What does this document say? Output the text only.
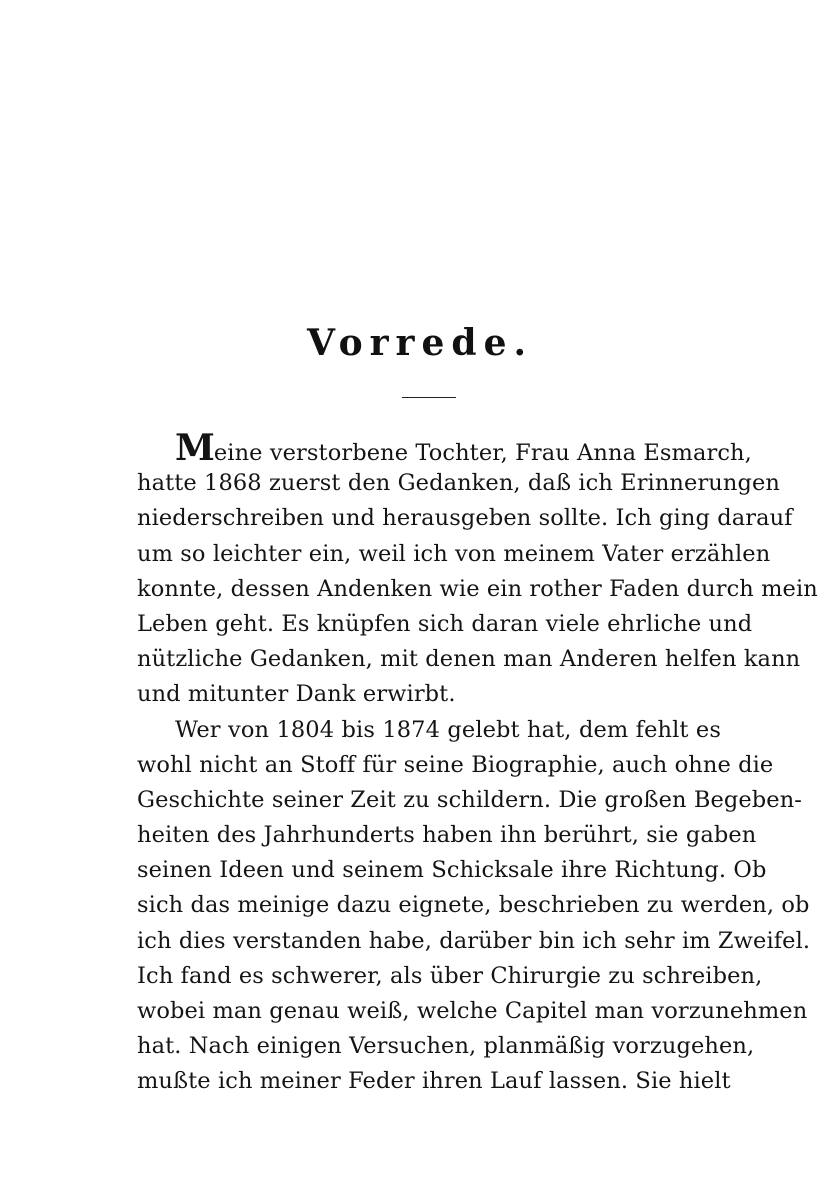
Vorrede.
Meine verstorbene Tochter, Frau Anna Esmarch,
hatte 1868 zuerst den Gedanken, daß ich Erinnerungen
niederschreiben und herausgeben sollte. Ich ging darauf
um so leichter ein, weil ich von meinem Vater erzählen
konnte, dessen Andenken wie ein rother Faden durch mein
Leben geht. Es knüpfen sich daran viele ehrliche und
nützliche Gedanken, mit denen man Anderen helfen kann
und mitunter Dank erwirbt.
Wer von 1804 bis 1874 gelebt hat, dem fehlt es
wohl nicht an Stoff für seine Biographie, auch ohne die
Geschichte seiner Zeit zu schildern. Die großen Begeben-
heiten des Jahrhunderts haben ihn berührt, sie gaben
seinen Ideen und seinem Schicksale ihre Richtung. Ob
sich das meinige dazu eignete, beschrieben zu werden, ob
ich dies verstanden habe, darüber bin ich sehr im Zweifel.
Ich fand es schwerer, als über Chirurgie zu schreiben,
wobei man genau weiß, welche Capitel man vorzunehmen
hat. Nach einigen Versuchen, planmäßig vorzugehen,
mußte ich meiner Feder ihren Lauf lassen. Sie hielt
